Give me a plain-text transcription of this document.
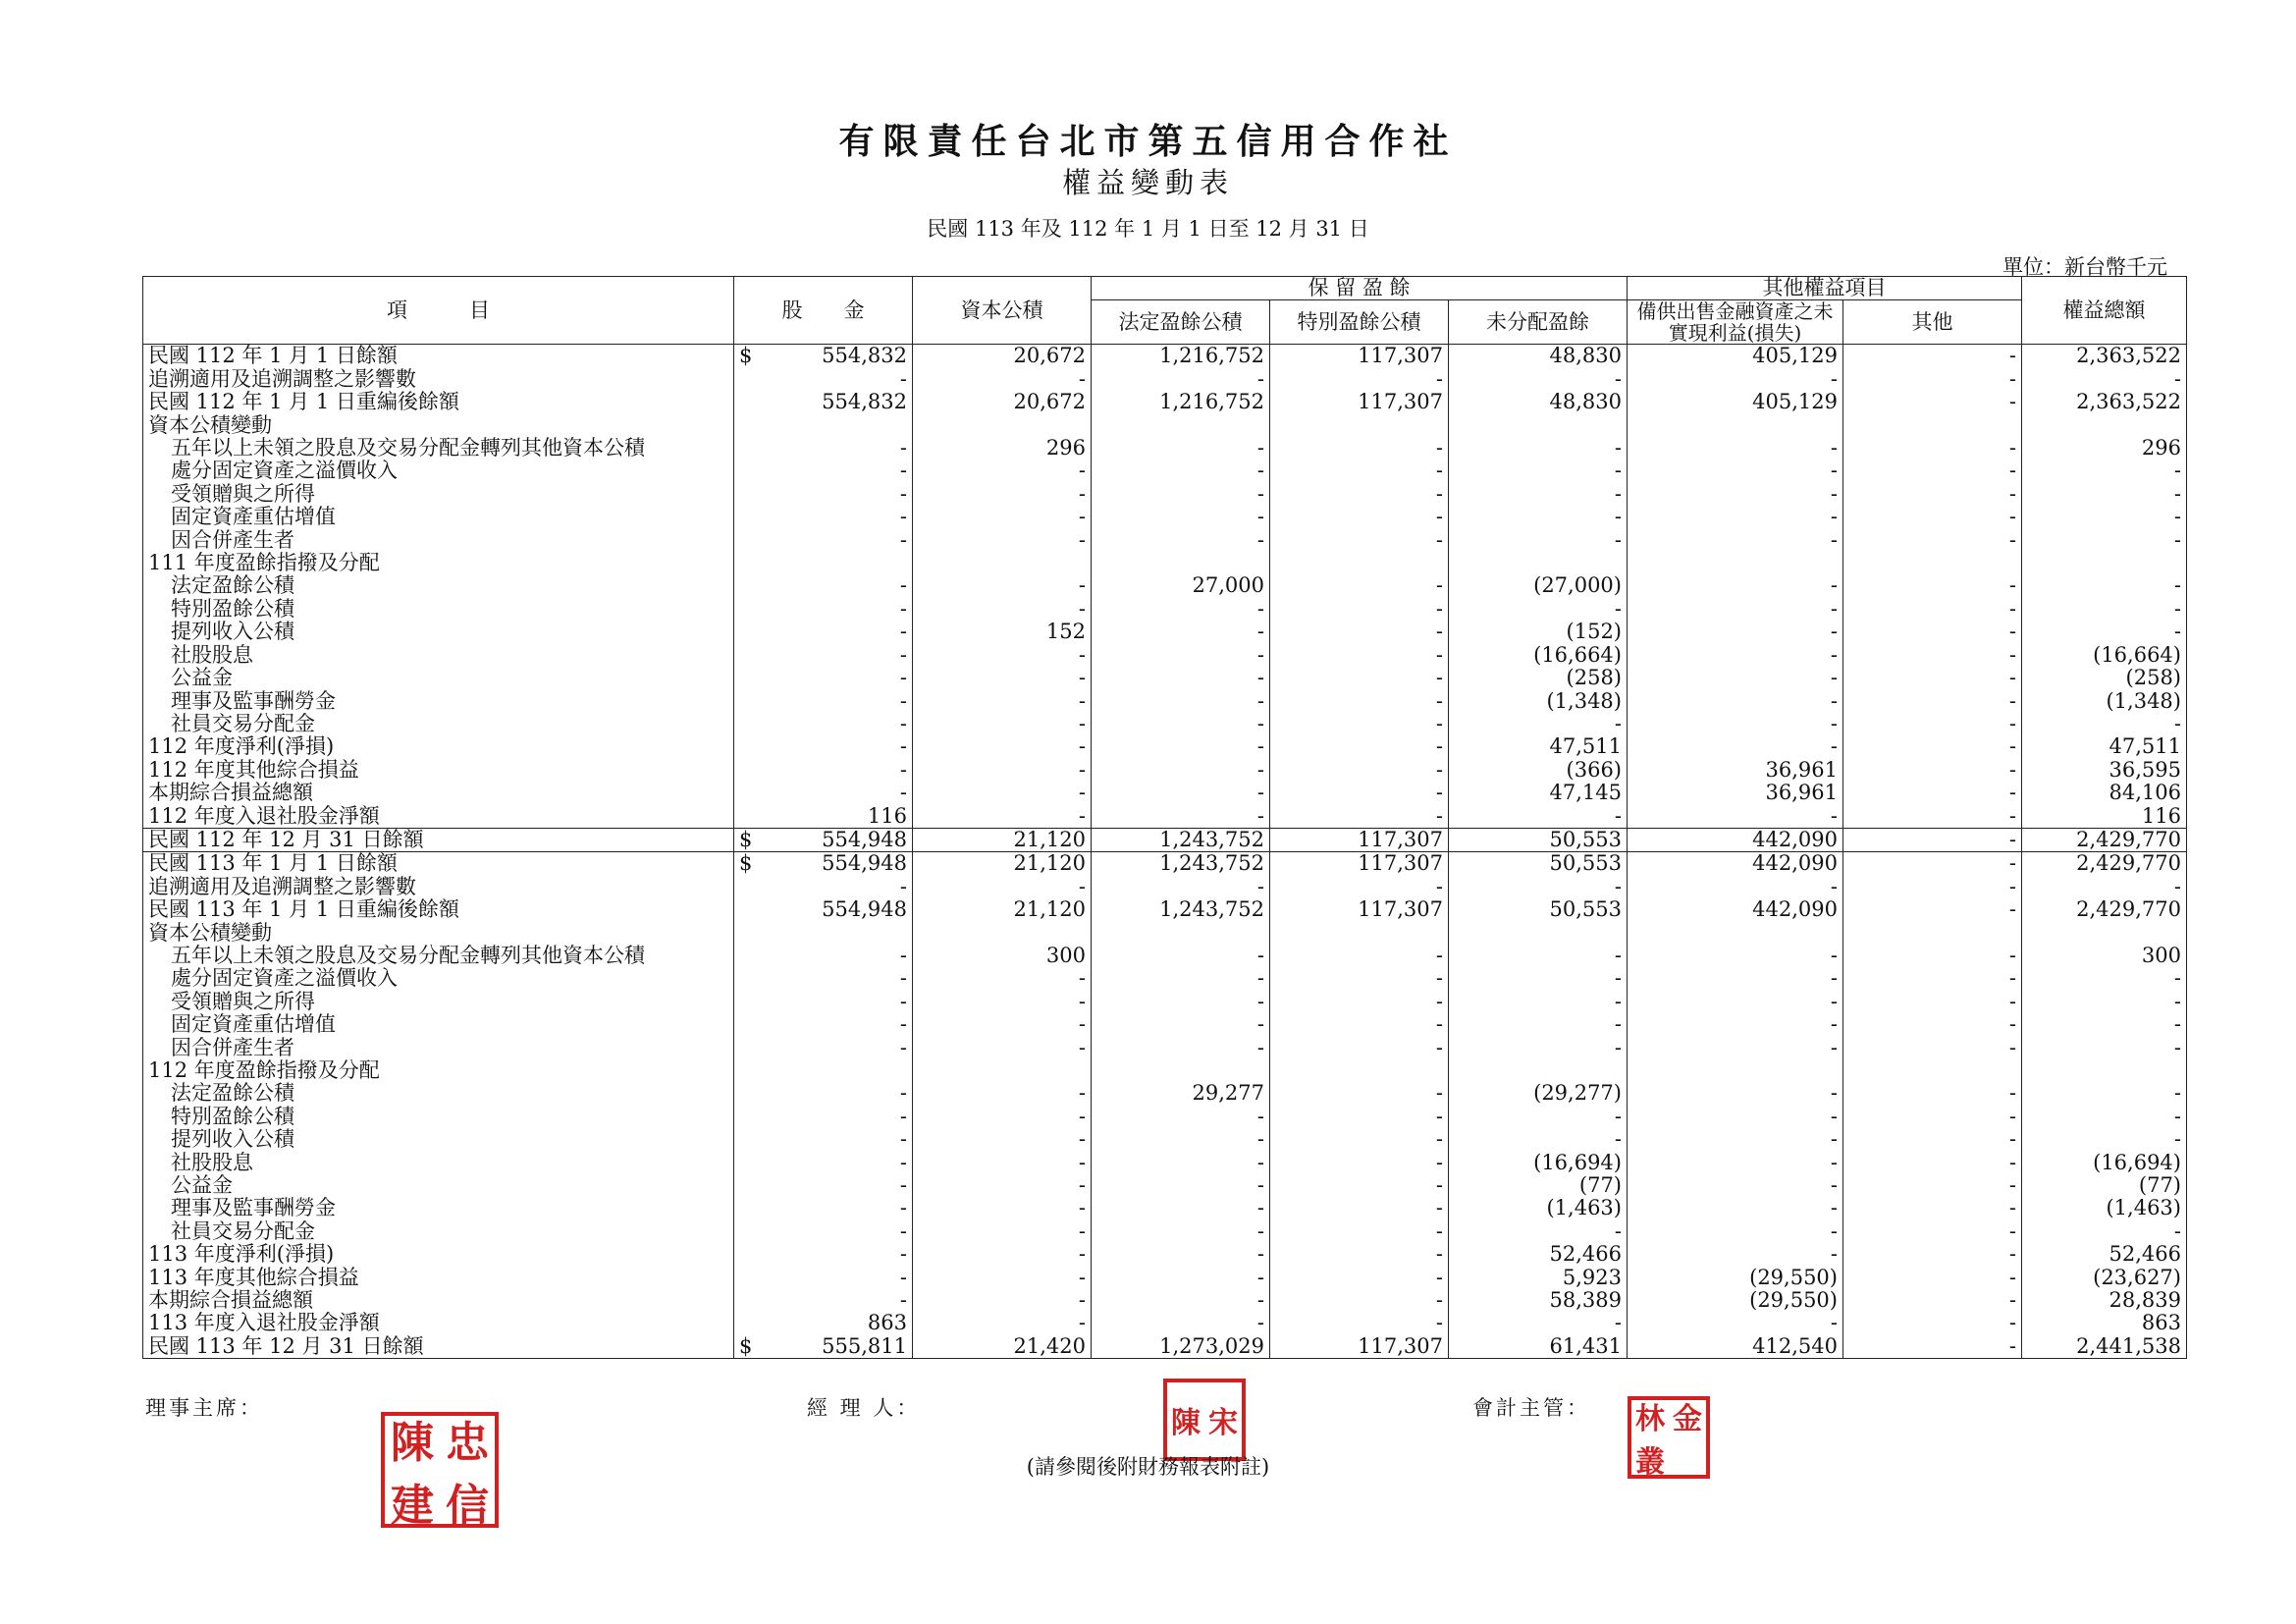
有限責任台北市第五信用合作社
權益變動表
民國 113 年及 112 年 1 月 1 日至 12 月 31 日
單位：新台幣千元
項　　　目	股　　金	資本公積	保 留 盈 餘			其他權益項目		權益總額
			法定盈餘公積	特別盈餘公積	未分配盈餘	備供出售金融資產之未實現利益(損失)	其他	
民國 112 年 1 月 1 日餘額	$ 554,832	20,672	1,216,752	117,307	48,830	405,129	-	2,363,522
追溯適用及追溯調整之影響數	-	-	-	-	-	-	-	-
民國 112 年 1 月 1 日重編後餘額	554,832	20,672	1,216,752	117,307	48,830	405,129	-	2,363,522
資本公積變動								
五年以上未領之股息及交易分配金轉列其他資本公積	-	296	-	-	-	-	-	296
處分固定資產之溢價收入	-	-	-	-	-	-	-	-
受領贈與之所得	-	-	-	-	-	-	-	-
固定資產重估增值	-	-	-	-	-	-	-	-
因合併產生者	-	-	-	-	-	-	-	-
111 年度盈餘指撥及分配								
法定盈餘公積	-	-	27,000	-	(27,000)	-	-	-
特別盈餘公積	-	-	-	-	-	-	-	-
提列收入公積	-	152	-	-	(152)	-	-	-
社股股息	-	-	-	-	(16,664)	-	-	(16,664)
公益金	-	-	-	-	(258)	-	-	(258)
理事及監事酬勞金	-	-	-	-	(1,348)	-	-	(1,348)
社員交易分配金	-	-	-	-	-	-	-	-
112 年度淨利(淨損)	-	-	-	-	47,511	-	-	47,511
112 年度其他綜合損益	-	-	-	-	(366)	36,961	-	36,595
本期綜合損益總額	-	-	-	-	47,145	36,961	-	84,106
112 年度入退社股金淨額	116	-	-	-	-	-	-	116
民國 112 年 12 月 31 日餘額	$ 554,948	21,120	1,243,752	117,307	50,553	442,090	-	2,429,770
民國 113 年 1 月 1 日餘額	$ 554,948	21,120	1,243,752	117,307	50,553	442,090	-	2,429,770
追溯適用及追溯調整之影響數	-	-	-	-	-	-	-	-
民國 113 年 1 月 1 日重編後餘額	554,948	21,120	1,243,752	117,307	50,553	442,090	-	2,429,770
資本公積變動								
五年以上未領之股息及交易分配金轉列其他資本公積	-	300	-	-	-	-	-	300
處分固定資產之溢價收入	-	-	-	-	-	-	-	-
受領贈與之所得	-	-	-	-	-	-	-	-
固定資產重估增值	-	-	-	-	-	-	-	-
因合併產生者	-	-	-	-	-	-	-	-
112 年度盈餘指撥及分配								
法定盈餘公積	-	-	29,277	-	(29,277)	-	-	-
特別盈餘公積	-	-	-	-	-	-	-	-
提列收入公積	-	-	-	-	-	-	-	-
社股股息	-	-	-	-	(16,694)	-	-	(16,694)
公益金	-	-	-	-	(77)	-	-	(77)
理事及監事酬勞金	-	-	-	-	(1,463)	-	-	(1,463)
社員交易分配金	-	-	-	-	-	-	-	-
113 年度淨利(淨損)	-	-	-	-	52,466	-	-	52,466
113 年度其他綜合損益	-	-	-	-	5,923	(29,550)	-	(23,627)
本期綜合損益總額	-	-	-	-	58,389	(29,550)	-	28,839
113 年度入退社股金淨額	863	-	-	-	-	-	-	863
民國 113 年 12 月 31 日餘額	$ 555,811	21,420	1,273,029	117,307	61,431	412,540	-	2,441,538
理事主席：	經 理 人：	會計主管：
陳 忠
建 信
陳 宋	林 金
叢
(請參閱後附財務報表附註)
